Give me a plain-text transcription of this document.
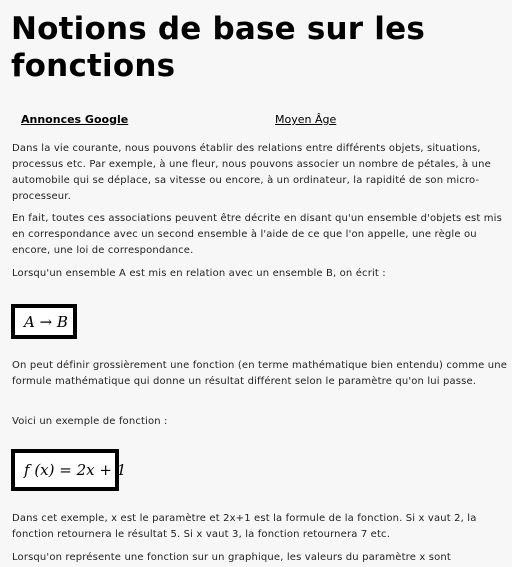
Notions de base sur les fonctions
Annonces Google	Moyen Âge

Dans la vie courante, nous pouvons établir des relations entre différents objets, situations, processus etc. Par exemple, à une fleur, nous pouvons associer un nombre de pétales, à une automobile qui se déplace, sa vitesse ou encore, à un ordinateur, la rapidité de son micro-processeur.

En fait, toutes ces associations peuvent être décrite en disant qu'un ensemble d'objets est mis en correspondance avec un second ensemble à l'aide de ce que l'on appelle, une règle ou encore, une loi de correspondance.

Lorsqu'un ensemble A est mis en relation avec un ensemble B, on écrit :

A → B

On peut définir grossièrement une fonction (en terme mathématique bien entendu) comme une formule mathématique qui donne un résultat différent selon le paramètre qu'on lui passe.

Voici un exemple de fonction :

f (x) = 2x + 1

Dans cet exemple, x est le paramètre et 2x+1 est la formule de la fonction. Si x vaut 2, la fonction retournera le résultat 5. Si x vaut 3, la fonction retournera 7 etc.

Lorsqu'on représente une fonction sur un graphique, les valeurs du paramètre x sont
